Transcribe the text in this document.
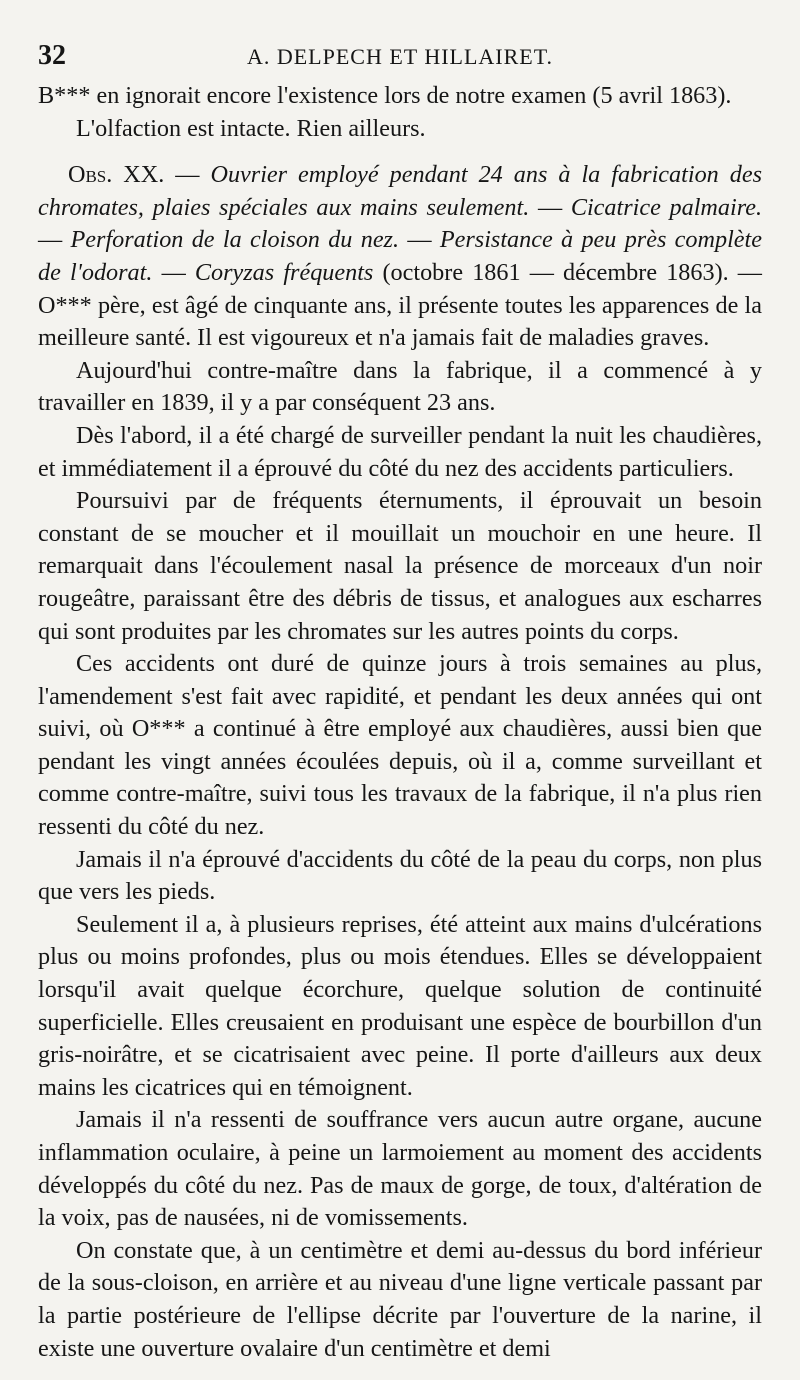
32	A. DELPECH ET HILLAIRET.

B*** en ignorait encore l'existence lors de notre examen (5 avril 1863).

L'olfaction est intacte. Rien ailleurs.

Obs. XX. — Ouvrier employé pendant 24 ans à la fabrication des chromates, plaies spéciales aux mains seulement. — Cicatrice palmaire. — Perforation de la cloison du nez. — Persistance à peu près complète de l'odorat. — Coryzas fréquents (octobre 1861 — décembre 1863). — O*** père, est âgé de cinquante ans, il présente toutes les apparences de la meilleure santé. Il est vigoureux et n'a jamais fait de maladies graves.

Aujourd'hui contre-maître dans la fabrique, il a commencé à y travailler en 1839, il y a par conséquent 23 ans.

Dès l'abord, il a été chargé de surveiller pendant la nuit les chaudières, et immédiatement il a éprouvé du côté du nez des accidents particuliers.

Poursuivi par de fréquents éternuments, il éprouvait un besoin constant de se moucher et il mouillait un mouchoir en une heure. Il remarquait dans l'écoulement nasal la présence de morceaux d'un noir rougeâtre, paraissant être des débris de tissus, et analogues aux escharres qui sont produites par les chromates sur les autres points du corps.

Ces accidents ont duré de quinze jours à trois semaines au plus, l'amendement s'est fait avec rapidité, et pendant les deux années qui ont suivi, où O*** a continué à être employé aux chaudières, aussi bien que pendant les vingt années écoulées depuis, où il a, comme surveillant et comme contre-maître, suivi tous les travaux de la fabrique, il n'a plus rien ressenti du côté du nez.

Jamais il n'a éprouvé d'accidents du côté de la peau du corps, non plus que vers les pieds.

Seulement il a, à plusieurs reprises, été atteint aux mains d'ulcérations plus ou moins profondes, plus ou mois étendues. Elles se développaient lorsqu'il avait quelque écorchure, quelque solution de continuité superficielle. Elles creusaient en produisant une espèce de bourbillon d'un gris-noirâtre, et se cicatrisaient avec peine. Il porte d'ailleurs aux deux mains les cicatrices qui en témoignent.

Jamais il n'a ressenti de souffrance vers aucun autre organe, aucune inflammation oculaire, à peine un larmoiement au moment des accidents développés du côté du nez. Pas de maux de gorge, de toux, d'altération de la voix, pas de nausées, ni de vomissements.

On constate que, à un centimètre et demi au-dessus du bord inférieur de la sous-cloison, en arrière et au niveau d'une ligne verticale passant par la partie postérieure de l'ellipse décrite par l'ouverture de la narine, il existe une ouverture ovalaire d'un centimètre et demi
